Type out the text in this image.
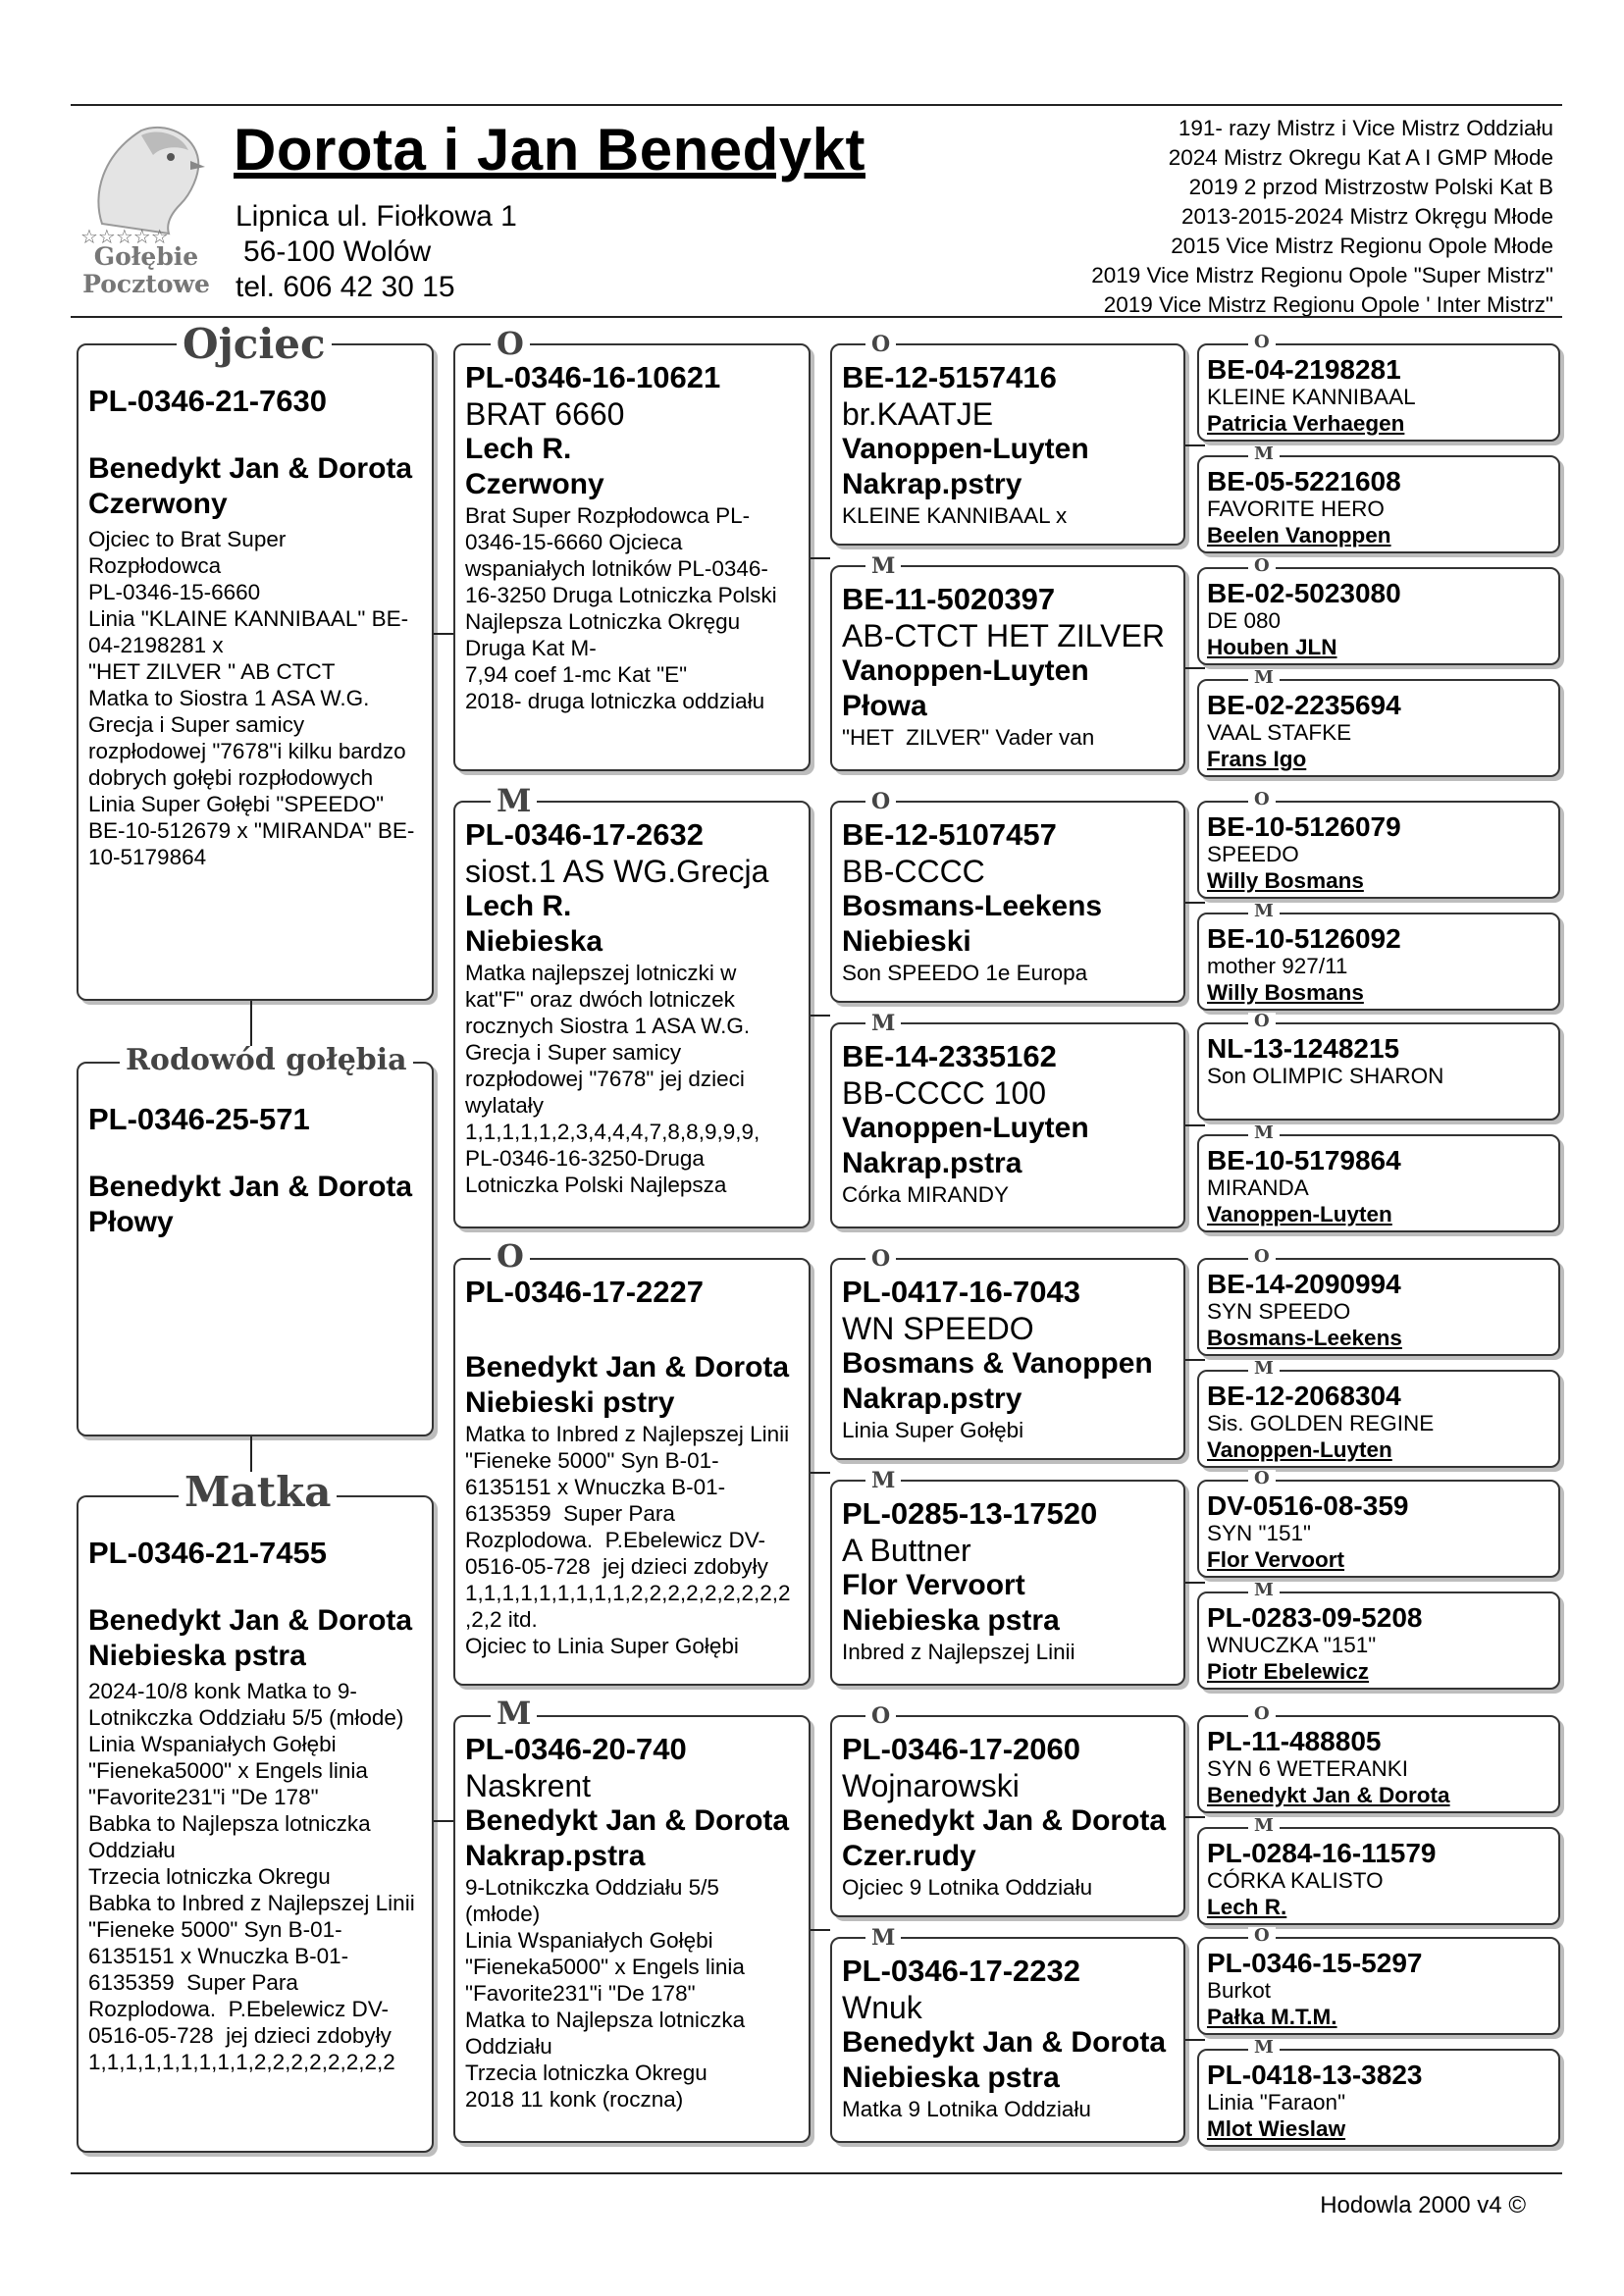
☆☆☆☆☆
Gołębie
Pocztowe
Dorota i Jan Benedykt
Lipnica ul. Fiołkowa 1
56-100 Wolów
tel. 606 42 30 15
191- razy Mistrz i Vice Mistrz Oddziału
2024 Mistrz Okregu Kat A I GMP Młode
2019 2 przod Mistrzostw Polski Kat B
2013-2015-2024 Mistrz Okręgu Młode
2015 Vice Mistrz Regionu Opole Młode
2019 Vice Mistrz Regionu Opole "Super Mistrz"
2019 Vice Mistrz Regionu Opole ' Inter Mistrz"
PL-0346-21-7630
Benedykt Jan & Dorota
Czerwony
Ojciec to Brat Super Rozpłodowca
PL-0346-15-6660
Linia "KLAINE KANNIBAAL" BE-04-2198281 x
"HET ZILVER " AB CTCT
Matka to Siostra 1 ASA W.G. Grecja i Super samicy rozpłodowej "7678"i kilku bardzo dobrych gołębi rozpłodowych Linia Super Gołębi "SPEEDO" BE-10-512679 x "MIRANDA" BE-10-5179864
Ojciec
PL-0346-25-571
Benedykt Jan & Dorota
Płowy
Rodowód gołębia
PL-0346-21-7455
Benedykt Jan & Dorota
Niebieska pstra
2024-10/8 konk Matka to 9-Lotnikczka Oddziału 5/5 (młode)
Linia Wspaniałych Gołębi "Fieneka5000" x Engels linia "Favorite231"i "De 178"
Babka to Najlepsza lotniczka Oddziału
Trzecia lotniczka Okregu
Babka to Inbred z Najlepszej Linii "Fieneke 5000" Syn B-01-6135151 x Wnuczka B-01-6135359  Super Para Rozplodowa.  P.Ebelewicz DV-0516-05-728  jej dzieci zdobyły 1,1,1,1,1,1,1,1,1,2,2,2,2,2,2,2,2
Matka
PL-0346-16-10621
BRAT 6660
Lech R.
Czerwony
Brat Super Rozpłodowca PL-0346-15-6660 Ojcieca wspaniałych lotników PL-0346-16-3250 Druga Lotniczka Polski  Najlepsza Lotniczka Okręgu Druga Kat M-
7,94 coef 1-mc Kat "E"
2018- druga lotniczka oddziału
O
PL-0346-17-2632
siost.1 AS WG.Grecja
Lech R.
Niebieska
Matka najlepszej lotniczki w kat"F" oraz dwóch lotniczek rocznych Siostra 1 ASA W.G. Grecja i Super samicy rozpłodowej "7678" jej dzieci wylatały
1,1,1,1,1,2,3,4,4,4,7,8,8,9,9,9,
PL-0346-16-3250-Druga Lotniczka Polski Najlepsza
M
PL-0346-17-2227
Benedykt Jan & Dorota
Niebieski pstry
Matka to Inbred z Najlepszej Linii "Fieneke 5000" Syn B-01-6135151 x Wnuczka B-01-6135359  Super Para Rozplodowa.  P.Ebelewicz DV-0516-05-728  jej dzieci zdobyły 1,1,1,1,1,1,1,1,1,2,2,2,2,2,2,2,2,2 ,2,2 itd.
Ojciec to Linia Super Gołębi
O
PL-0346-20-740
Naskrent
Benedykt Jan & Dorota
Nakrap.pstra
9-Lotnikczka Oddziału 5/5 (młode)
Linia Wspaniałych Gołębi "Fieneka5000" x Engels linia "Favorite231"i "De 178"
Matka to Najlepsza lotniczka Oddziału
Trzecia lotniczka Okregu
2018 11 konk (roczna)
M
BE-12-5157416
br.KAATJE
Vanoppen-Luyten
Nakrap.pstry
KLEINE KANNIBAAL x
O
BE-11-5020397
AB-CTCT HET ZILVER
Vanoppen-Luyten
Płowa
"HET  ZILVER" Vader van
M
BE-12-5107457
BB-CCCC
Bosmans-Leekens
Niebieski
Son SPEEDO 1e Europa
O
BE-14-2335162
BB-CCCC 100
Vanoppen-Luyten
Nakrap.pstra
Córka MIRANDY
M
PL-0417-16-7043
WN SPEEDO
Bosmans & Vanoppen
Nakrap.pstry
Linia Super Gołębi
O
PL-0285-13-17520
A Buttner
Flor Vervoort
Niebieska pstra
Inbred z Najlepszej Linii
M
PL-0346-17-2060
Wojnarowski
Benedykt Jan & Dorota
Czer.rudy
Ojciec 9 Lotnika Oddziału
O
PL-0346-17-2232
Wnuk
Benedykt Jan & Dorota
Niebieska pstra
Matka 9 Lotnika Oddziału
M
BE-04-2198281
KLEINE KANNIBAAL
Patricia Verhaegen
O
BE-05-5221608
FAVORITE HERO
Beelen Vanoppen
M
BE-02-5023080
DE 080
Houben JLN
O
BE-02-2235694
VAAL STAFKE
Frans Igo
M
BE-10-5126079
SPEEDO
Willy Bosmans
O
BE-10-5126092
mother 927/11
Willy Bosmans
M
NL-13-1248215
Son OLIMPIC SHARON
O
BE-10-5179864
MIRANDA
Vanoppen-Luyten
M
BE-14-2090994
SYN SPEEDO
Bosmans-Leekens
O
BE-12-2068304
Sis. GOLDEN REGINE
Vanoppen-Luyten
M
DV-0516-08-359
SYN "151"
Flor Vervoort
O
PL-0283-09-5208
WNUCZKA "151"
Piotr Ebelewicz
M
PL-11-488805
SYN 6 WETERANKI
Benedykt Jan & Dorota
O
PL-0284-16-11579
CÓRKA KALISTO
Lech R.
M
PL-0346-15-5297
Burkot
Pałka M.T.M.
O
PL-0418-13-3823
Linia "Faraon"
Mlot Wieslaw
M
Hodowla 2000 v4 ©
